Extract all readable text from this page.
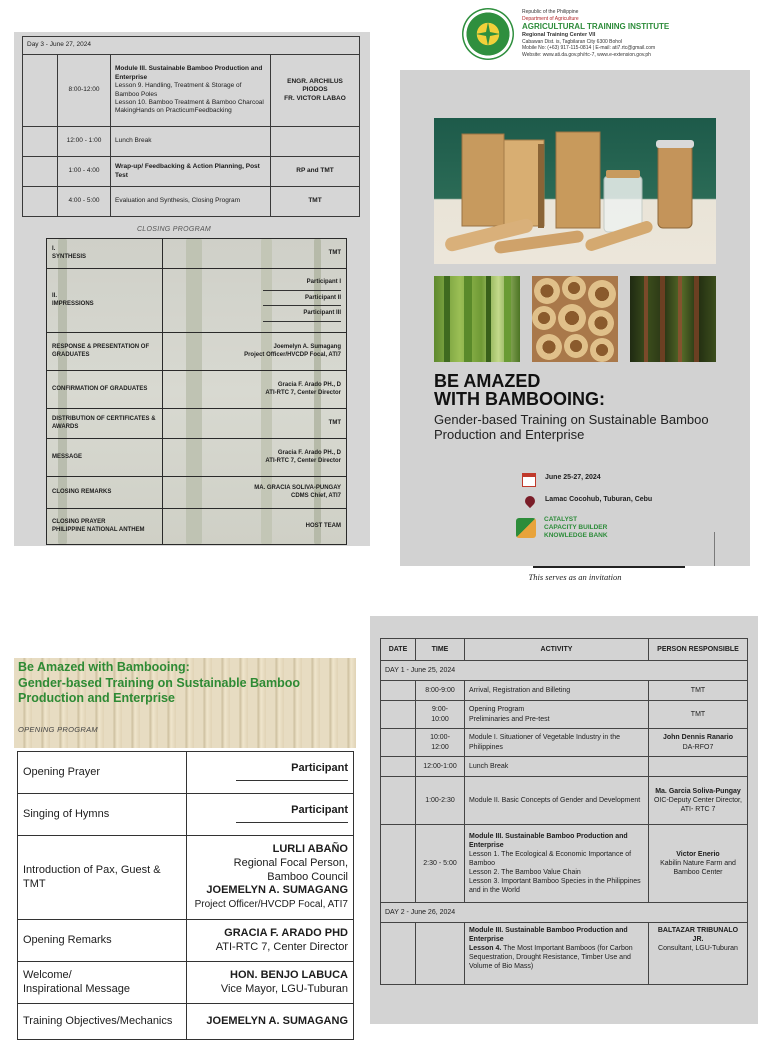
Day 3 - June 27, 2024			
	8:00-12:00	Module III. Sustainable Bamboo Production and Enterprise
Lesson 9. Handling, Treatment & Storage of Bamboo Poles
Lesson 10. Bamboo Treatment & Bamboo Charcoal MakingHands on PracticumFeedbacking	ENGR. ARCHILUS PIODOS
FR. VICTOR LABAO
	12:00 - 1:00	Lunch Break	
	1:00 - 4:00	Wrap-up/ Feedbacking & Action Planning, Post Test	RP and TMT
	4:00 - 5:00	Evaluation and Synthesis, Closing Program	TMT
CLOSING PROGRAM
I.
SYNTHESIS	TMT
II.
IMPRESSIONS	Participant I
Participant II
Participant III

RESPONSE & PRESENTATION OF GRADUATES	Joemelyn A. Sumagang
Project Officer/HVCDP Focal, ATI7
CONFIRMATION OF GRADUATES	Gracia F. Arado PH., D
ATI-RTC 7, Center Director
DISTRIBUTION OF CERTIFICATES & AWARDS	TMT
MESSAGE	Gracia F. Arado PH., D
ATI-RTC 7, Center Director
CLOSING REMARKS	MA. GRACIA SOLIVA-PUNGAY
CDMS Chief, ATI7
CLOSING PRAYER
PHILIPPINE NATIONAL ANTHEM	HOST TEAM
Republic of the Philippine
Department of Agriculture
AGRICULTURAL TRAINING INSTITUTE
Regional Training Center VII
Cabawan Dist. is, Tagbilaran City 6300 Bohol
Mobile No: (+63) 917-115-0814 | E-mail: ati7.rtc@gmail.com
Website: www.ati.da.gov.ph/rtc-7, www.e-extension.gov.ph
BE AMAZED
WITH BAMBOOING:
Gender-based Training on Sustainable Bamboo Production and Enterprise
June 25-27, 2024
Lamac Cocohub, Tuburan, Cebu
CATALYST
CAPACITY BUILDER
KNOWLEDGE BANK
This serves as an invitation
Be Amazed with Bambooing:
Gender-based Training on Sustainable Bamboo Production and Enterprise
OPENING PROGRAM
Opening Prayer	Participant

Singing of Hymns	Participant

Introduction of Pax, Guest & TMT	LURLI ABAÑO
Regional Focal Person,
Bamboo Council
JOEMELYN A. SUMAGANG
Project Officer/HVCDP Focal, ATI7
Opening Remarks	GRACIA F. ARADO PHD
ATI-RTC 7, Center Director
Welcome/
Inspirational Message	HON. BENJO LABUCA
Vice Mayor, LGU-Tuburan
Training Objectives/Mechanics	JOEMELYN A. SUMAGANG
DATE	TIME	ACTIVITY	PERSON RESPONSIBLE
DAY 1 - June 25, 2024			
	8:00-9:00	Arrival, Registration and Billeting	TMT
	9:00-
10:00	Opening Program
Preliminaries and Pre-test	TMT
	10:00-
12:00	Module I. Situationer of Vegetable Industry in the Philippines	John Dennis Ranario
DA-RFO7
	12:00-1:00	Lunch Break	
	1:00-2:30	Module II. Basic Concepts of Gender and Development	Ma. Garcia Soliva-Pungay
OIC-Deputy Center Director, ATI- RTC 7
	2:30 - 5:00	Module III. Sustainable Bamboo Production and Enterprise
Lesson 1. The Ecological & Economic Importance of Bamboo
Lesson 2. The Bamboo Value Chain
Lesson 3. Important Bamboo Species in the Philippines and in the World	Victor Enerio
Kabilin Nature Farm and Bamboo Center
DAY 2 - June 26, 2024			
		Module III. Sustainable Bamboo Production and Enterprise
Lesson 4. The Most Important Bamboos (for Carbon Sequestration, Drought Resistance, Timber Use and Volume of Bio Mass)	BALTAZAR TRIBUNALO JR.
Consultant, LGU-Tuburan
